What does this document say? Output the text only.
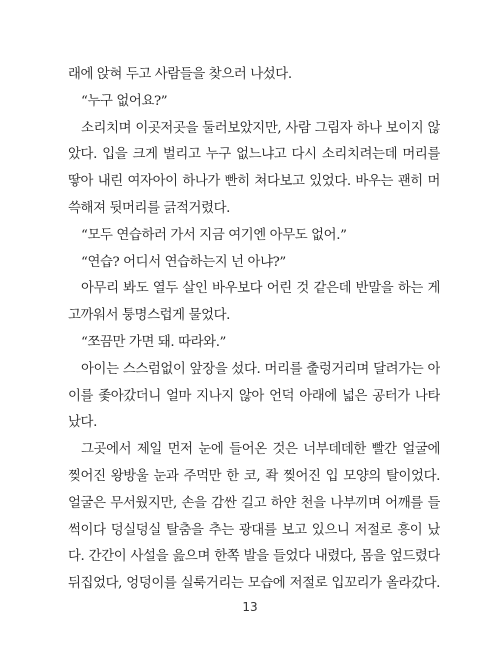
래에 앉혀 두고 사람들을 찾으러 나섰다.
“누구 없어요?”
소리치며 이곳저곳을 둘러보았지만, 사람 그림자 하나 보이지 않
았다. 입을 크게 벌리고 누구 없느냐고 다시 소리치려는데 머리를
땋아 내린 여자아이 하나가 빤히 쳐다보고 있었다. 바우는 괜히 머
쓱해져 뒷머리를 긁적거렸다.
“모두 연습하러 가서 지금 여기엔 아무도 없어.”
“연습? 어디서 연습하는지 넌 아냐?”
아무리 봐도 열두 살인 바우보다 어린 것 같은데 반말을 하는 게
고까워서 퉁명스럽게 물었다.
“쪼끔만 가면 돼. 따라와.”
아이는 스스럼없이 앞장을 섰다. 머리를 출렁거리며 달려가는 아
이를 좇아갔더니 얼마 지나지 않아 언덕 아래에 넓은 공터가 나타
났다.
그곳에서 제일 먼저 눈에 들어온 것은 너부데데한 빨간 얼굴에
찢어진 왕방울 눈과 주먹만 한 코, 좍 찢어진 입 모양의 탈이었다.
얼굴은 무서웠지만, 손을 감싼 길고 하얀 천을 나부끼며 어깨를 들
썩이다 덩실덩실 탈춤을 추는 광대를 보고 있으니 저절로 흥이 났
다. 간간이 사설을 읊으며 한쪽 발을 들었다 내렸다, 몸을 엎드렸다
뒤집었다, 엉덩이를 실룩거리는 모습에 저절로 입꼬리가 올라갔다.
13
